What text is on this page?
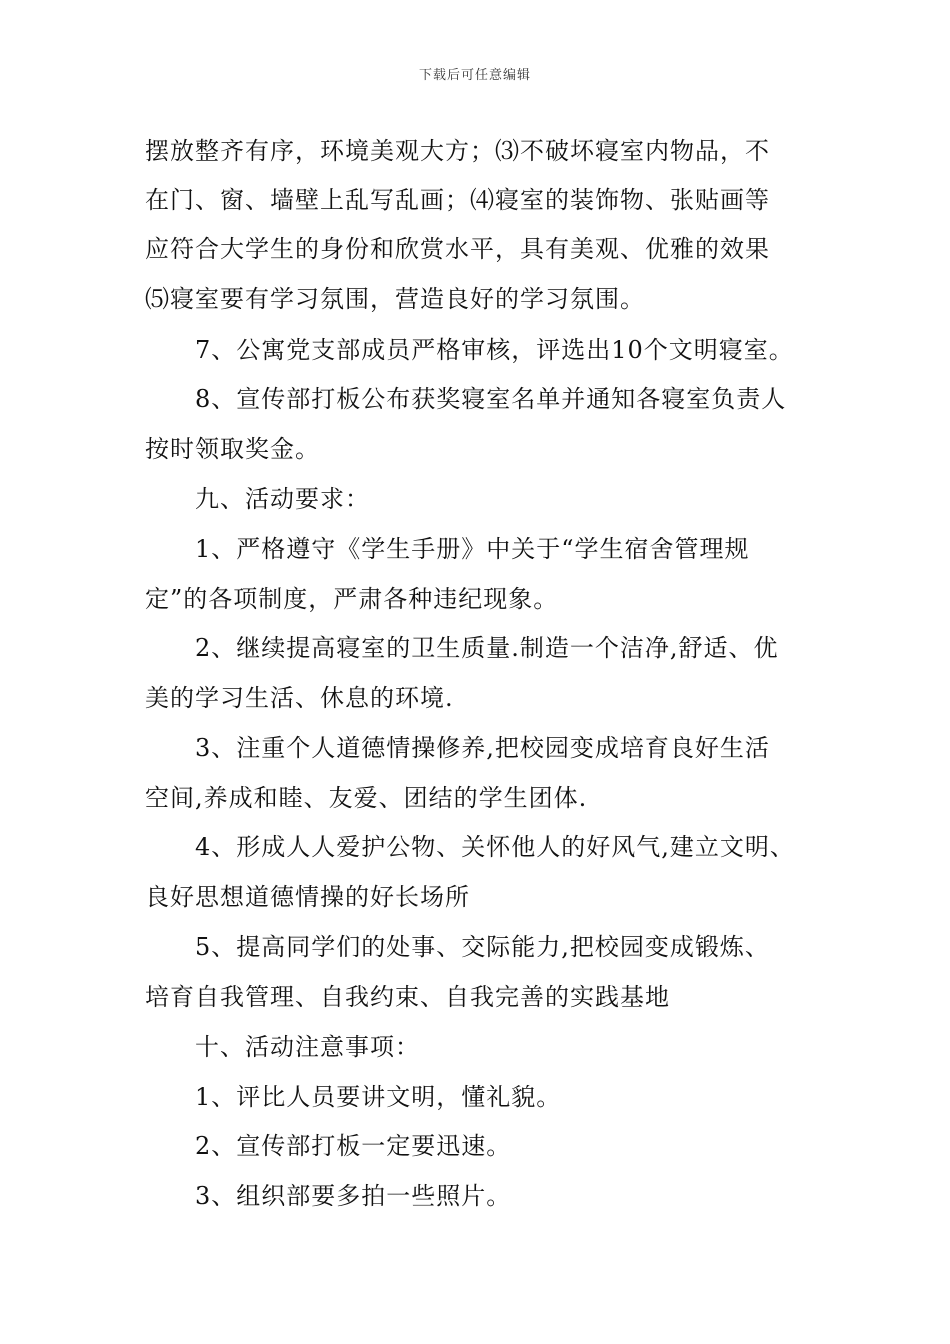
下载后可任意编辑
摆放整齐有序，环境美观大方；⑶不破坏寝室内物品，不
在门、窗、墙壁上乱写乱画；⑷寝室的装饰物、张贴画等
应符合大学生的身份和欣赏水平，具有美观、优雅的效果
⑸寝室要有学习氛围，营造良好的学习氛围。
7、公寓党支部成员严格审核，评选出10个文明寝室。
8、宣传部打板公布获奖寝室名单并通知各寝室负责人
按时领取奖金。
九、活动要求：
1、严格遵守《学生手册》中关于“学生宿舍管理规
定”的各项制度，严肃各种违纪现象。
2、继续提高寝室的卫生质量.制造一个洁净,舒适、优
美的学习生活、休息的环境.
3、注重个人道德情操修养,把校园变成培育良好生活
空间,养成和睦、友爱、团结的学生团体.
4、形成人人爱护公物、关怀他人的好风气,建立文明、
良好思想道德情操的好长场所
5、提高同学们的处事、交际能力,把校园变成锻炼、
培育自我管理、自我约束、自我完善的实践基地
十、活动注意事项：
1、评比人员要讲文明，懂礼貌。
2、宣传部打板一定要迅速。
3、组织部要多拍一些照片。
